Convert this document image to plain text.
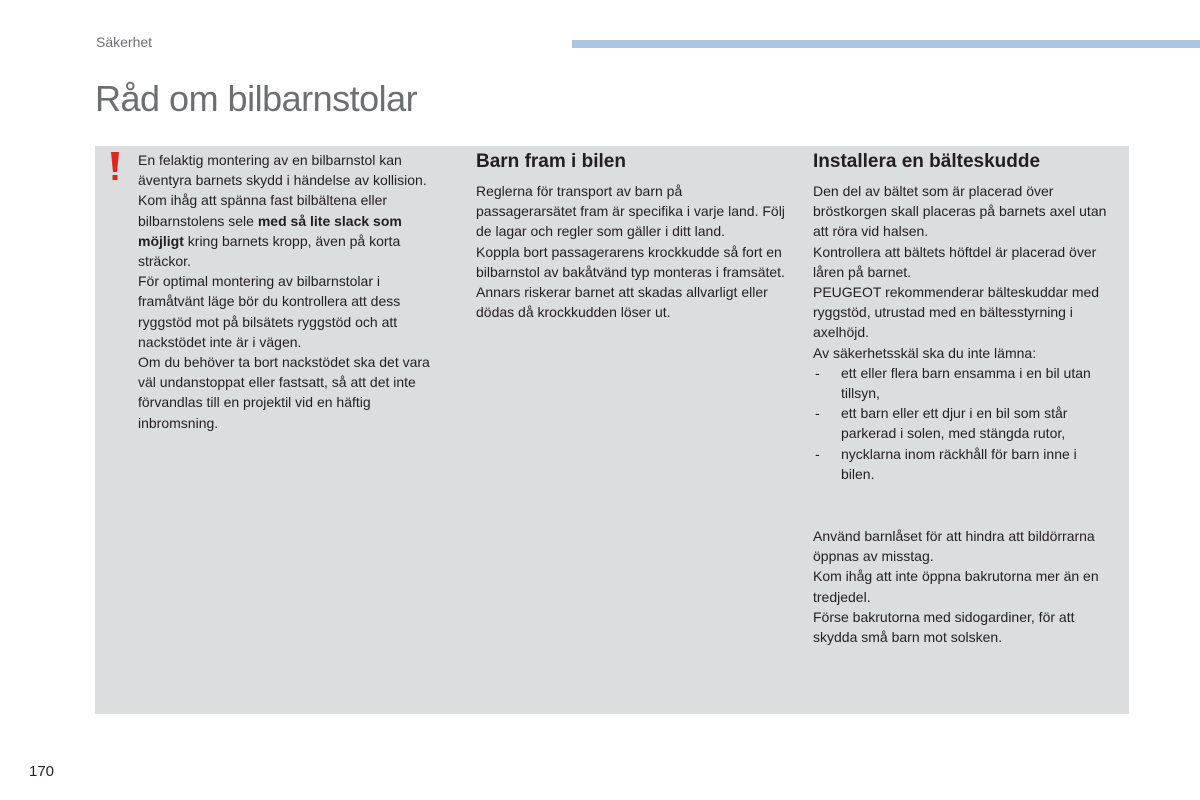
Säkerhet
Råd om bilbarnstolar

En felaktig montering av en bilbarnstol kan äventyra barnets skydd i händelse av kollision.

Kom ihåg att spänna fast bilbältena eller bilbarnstolens sele med så lite slack som möjligt kring barnets kropp, även på korta sträckor.

För optimal montering av bilbarnstolar i framåtvänt läge bör du kontrollera att dess ryggstöd mot på bilsätets ryggstöd och att nackstödet inte är i vägen.

Om du behöver ta bort nackstödet ska det vara väl undanstoppat eller fastsatt, så att det inte förvandlas till en projektil vid en häftig inbromsning.

Barn fram i bilen

Reglerna för transport av barn på passagerarsätet fram är specifika i varje land. Följ de lagar och regler som gäller i ditt land.

Koppla bort passagerarens krockkudde så fort en bilbarnstol av bakåtvänd typ monteras i framsätet. Annars riskerar barnet att skadas allvarligt eller dödas då krockkudden löser ut.

Installera en bälteskudde

Den del av bältet som är placerad över bröstkorgen skall placeras på barnets axel utan att röra vid halsen.

Kontrollera att bältets höftdel är placerad över låren på barnet.

PEUGEOT rekommenderar bälteskuddar med ryggstöd, utrustad med en bältesstyrning i axelhöjd.

Av säkerhetsskäl ska du inte lämna:

- ett eller flera barn ensamma i en bil utan tillsyn,
- ett barn eller ett djur i en bil som står parkerad i solen, med stängda rutor,
- nycklarna inom räckhåll för barn inne i bilen.

Använd barnlåset för att hindra att bildörrarna öppnas av misstag.

Kom ihåg att inte öppna bakrutorna mer än en tredjedel.

Förse bakrutorna med sidogardiner, för att skydda små barn mot solsken.

170
